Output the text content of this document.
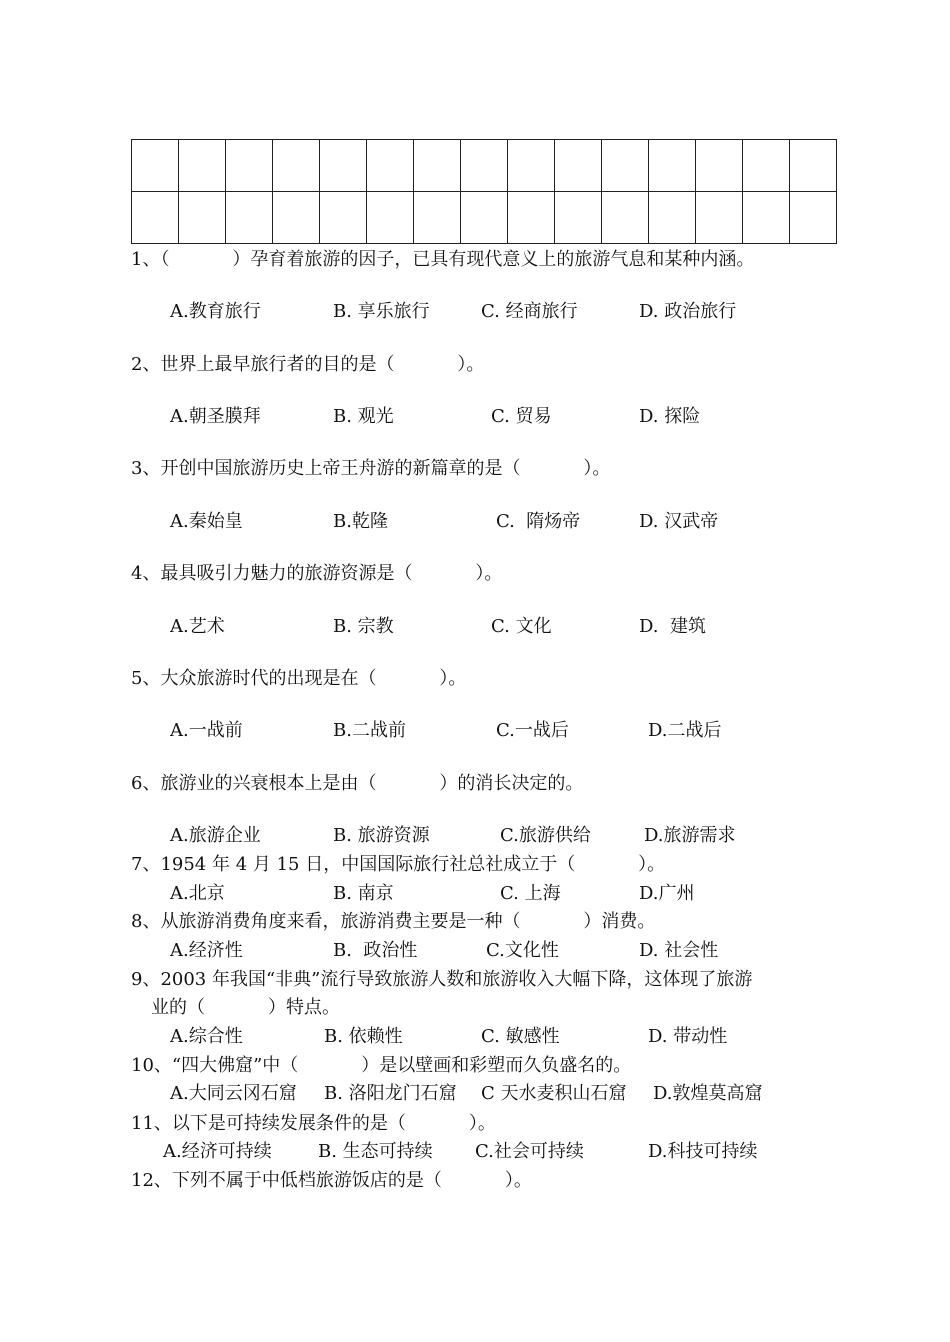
1、（           ）孕育着旅游的因子，已具有现代意义上的旅游气息和某种内涵。
A.教育旅行	B. 享乐旅行	C. 经商旅行	D. 政治旅行
2、世界上最早旅行者的目的是（           ）。
A.朝圣膜拜	B. 观光	C. 贸易	D. 探险
3、开创中国旅游历史上帝王舟游的新篇章的是（           ）。
A.秦始皇	B.乾隆	C.  隋炀帝	D. 汉武帝
4、最具吸引力魅力的旅游资源是（           ）。
A.艺术	B. 宗教	C. 文化	D.  建筑
5、大众旅游时代的出现是在（           ）。
A.一战前	B.二战前	C.一战后	D.二战后
6、旅游业的兴衰根本上是由（           ）的消长决定的。
A.旅游企业	B. 旅游资源	C.旅游供给	D.旅游需求
7、1954 年 4 月 15 日，中国国际旅行社总社成立于（           ）。
A.北京	B. 南京	C. 上海	D.广州
8、从旅游消费角度来看，旅游消费主要是一种（           ）消费。
A.经济性	B.  政治性	C.文化性	D. 社会性
9、2003 年我国“非典”流行导致旅游人数和旅游收入大幅下降，这体现了旅游
业的（           ）特点。
A.综合性	B. 依赖性	C. 敏感性	D. 带动性
10、“四大佛窟”中（           ）是以壁画和彩塑而久负盛名的。
A.大同云冈石窟 B. 洛阳龙门石窟 C 天水麦积山石窟 D.敦煌莫高窟
11、以下是可持续发展条件的是（           ）。
A.经济可持续	B. 生态可持续 C.社会可持续	D.科技可持续
12、下列不属于中低档旅游饭店的是（           ）。
